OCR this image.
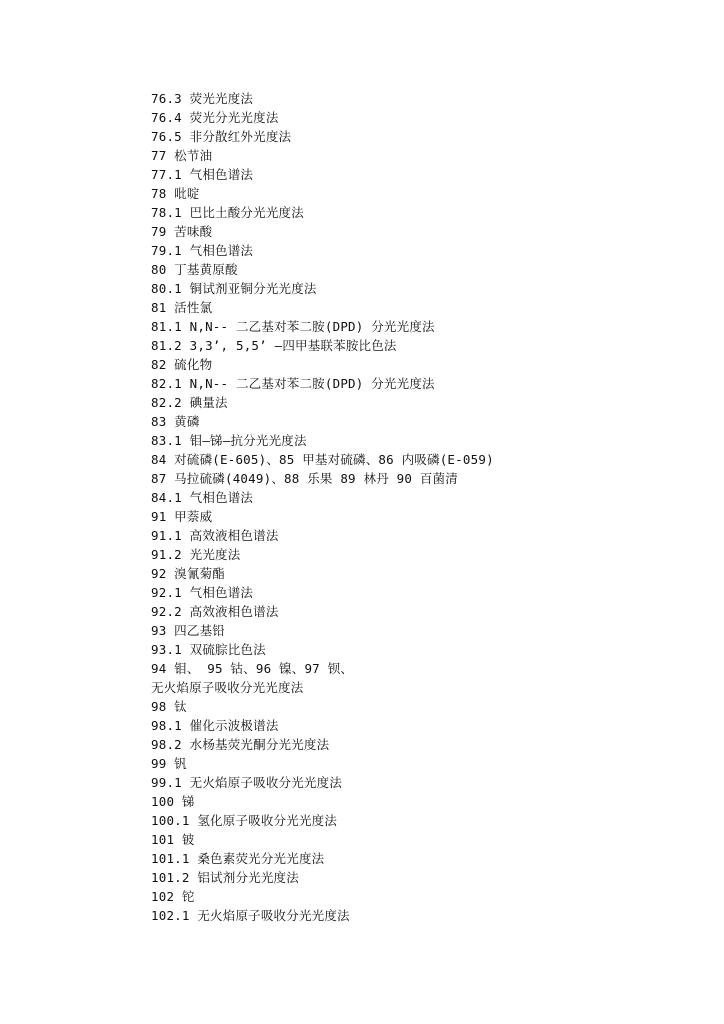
76.3 荧光光度法
76.4 荧光分光光度法
76.5 非分散红外光度法
77 松节油
77.1 气相色谱法
78 吡啶
78.1 巴比土酸分光光度法
79 苦味酸
79.1 气相色谱法
80 丁基黄原酸
80.1 铜试剂亚铜分光光度法
81 活性氯
81.1 N,N-- 二乙基对苯二胺(DPD) 分光光度法
81.2 3,3’, 5,5’ –四甲基联苯胺比色法
82 硫化物
82.1 N,N-- 二乙基对苯二胺(DPD) 分光光度法
82.2 碘量法
83 黄磷
83.1 钼—锑—抗分光光度法
84 对硫磷(E-605)、85 甲基对硫磷、86 内吸磷(E-059)
87 马拉硫磷(4049)、88 乐果 89 林丹 90 百菌清
84.1 气相色谱法
91 甲萘威
91.1 高效液相色谱法
91.2 光光度法
92 溴氰菊酯
92.1 气相色谱法
92.2 高效液相色谱法
93 四乙基铅
93.1 双硫腙比色法
94 钼、 95 钴、96 镍、97 钡、
无火焰原子吸收分光光度法
98 钛
98.1 催化示波极谱法
98.2 水杨基荧光酮分光光度法
99 钒
99.1 无火焰原子吸收分光光度法
100 锑
100.1 氢化原子吸收分光光度法
101 铍
101.1 桑色素荧光分光光度法
101.2 铝试剂分光光度法
102 铊
102.1 无火焰原子吸收分光光度法
